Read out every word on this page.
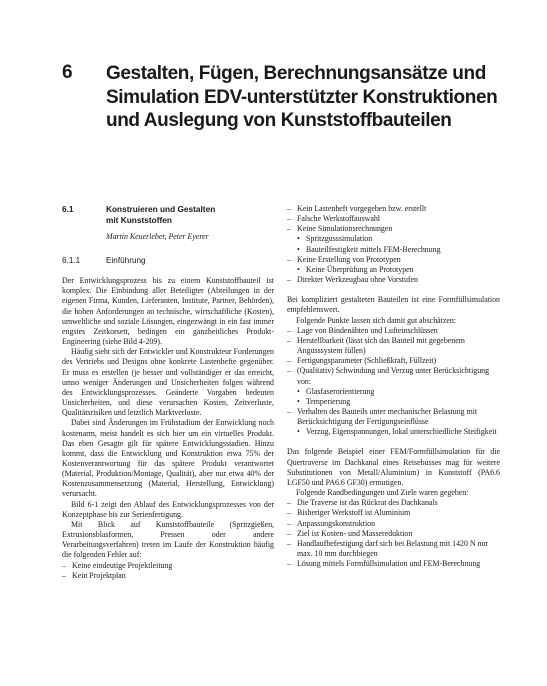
6 Gestalten, Fügen, Berechnungsansätze und
Simulation EDV-unterstützter Konstruktionen
und Auslegung von Kunststoffbauteilen
6.1	Konstruieren und Gestalten
mit Kunststoffen
Martin Keuerleber, Peter Eyerer
6.1.1	Einführung

Der Entwicklungsprozess bis zu einem Kunststoffbauteil ist komplex. Die Einbindung aller Beteiligter (Abteilungen in der eigenen Firma, Kunden, Lieferanten, Institute, Partner, Behörden), die hohen Anforderungen an technische, wirtschaftliche (Kosten), umweltliche und soziale Lösungen, eingezwängt in ein fast immer engstes Zeitkorsett, bedingen ein ganzheitliches Produkt-Engineering (siehe Bild 4-209).

Häufig sieht sich der Entwickler und Konstrukteur Forderungen des Vertriebs und Designs ohne konkrete Lastenhefte gegenüber. Er muss es erstellen (je besser und vollständiger er das erreicht, umso weniger Änderungen und Unsicherheiten folgen während des Entwicklungsprozesses. Geänderte Vorgaben bedeuten Unsicherheiten, und diese verursachen Kosten, Zeitverluste, Qualitätsrisiken und letztlich Marktverluste.

Dabei sind Änderungen im Frühstadium der Entwicklung noch kostenarm, meist handelt es sich hier um ein virtuelles Produkt. Das eben Gesagte gilt für spätere Entwicklungsstadien. Hinzu kommt, dass die Entwicklung und Konstruktion etwa 75% der Kostenverantwortung für das spätere Produkt verantwortet (Material, Produktion/Montage, Qualität), aber nur etwa 40% der Kostenzusammensetzung (Material, Herstellung, Entwicklung) verursacht.

Bild 6-1 zeigt den Ablauf des Entwicklungsprozesses von der Konzeptphase bis zur Serienfertigung.

Mit Blick auf Kunststoffbauteile (Spritzgießen, Extrusionsblasformen, Pressen oder andere Verarbeitungsverfahren) treten im Laufe der Konstruktion häufig die folgenden Fehler auf:

– Keine eindeutige Projektleitung
– Kein Projektplan
– Kein Lastenheft vorgegeben bzw. erstellt
– Falsche Werkstoffauswahl
– Keine Simulationsrechnungen
• Spritzgusssimulation
• Bauteilfestigkeit mittels FEM-Berechnung
– Keine Erstellung von Prototypen
• Keine Überprüfung an Prototypen
– Direkter Werkzeugbau ohne Vorstufen

Bei kompliziert gestalteten Bauteilen ist eine Formfüllsimulation empfehlenswert.

Folgende Punkte lassen sich damit gut abschätzen:

– Lage von Bindenähten und Lufteinschlüssen
– Herstellbarkeit (lässt sich das Bauteil mit gegebenem Angusssystem füllen)
– Fertigungsparameter (Schließkraft, Füllzeit)
– (Qualitativ) Schwindung und Verzug unter Berücksichtigung von:
• Glasfaserorientierung
• Temperierung
– Verhalten des Bauteils unter mechanischer Belastung mit Berücksichtigung der Fertigungseinflüsse
• Verzug, Eigenspannungen, lokal unterschiedliche Steifigkeit

Das folgende Beispiel einer FEM/Formfüllsimulation für die Quertraverse im Dachkanal eines Reisebusses mag für weitere Substitutionen von Metall/Aluminium) in Kunststoff (PA6.6 LGF50 und PA6.6 GF30) ermutigen.

Folgende Randbedingungen und Ziele waren gegeben:

– Die Traverse ist das Rückrat des Dachkanals
– Bisheriger Werkstoff ist Aluminium
– Anpassungskonstruktion
– Ziel ist Kosten- und Massereduktion
– Handlaufbefestigung darf sich bei Belastung mit 1420 N nur max. 10 mm durchbiegen
– Lösung mittels Formfüllsimulation und FEM-Berechnung
